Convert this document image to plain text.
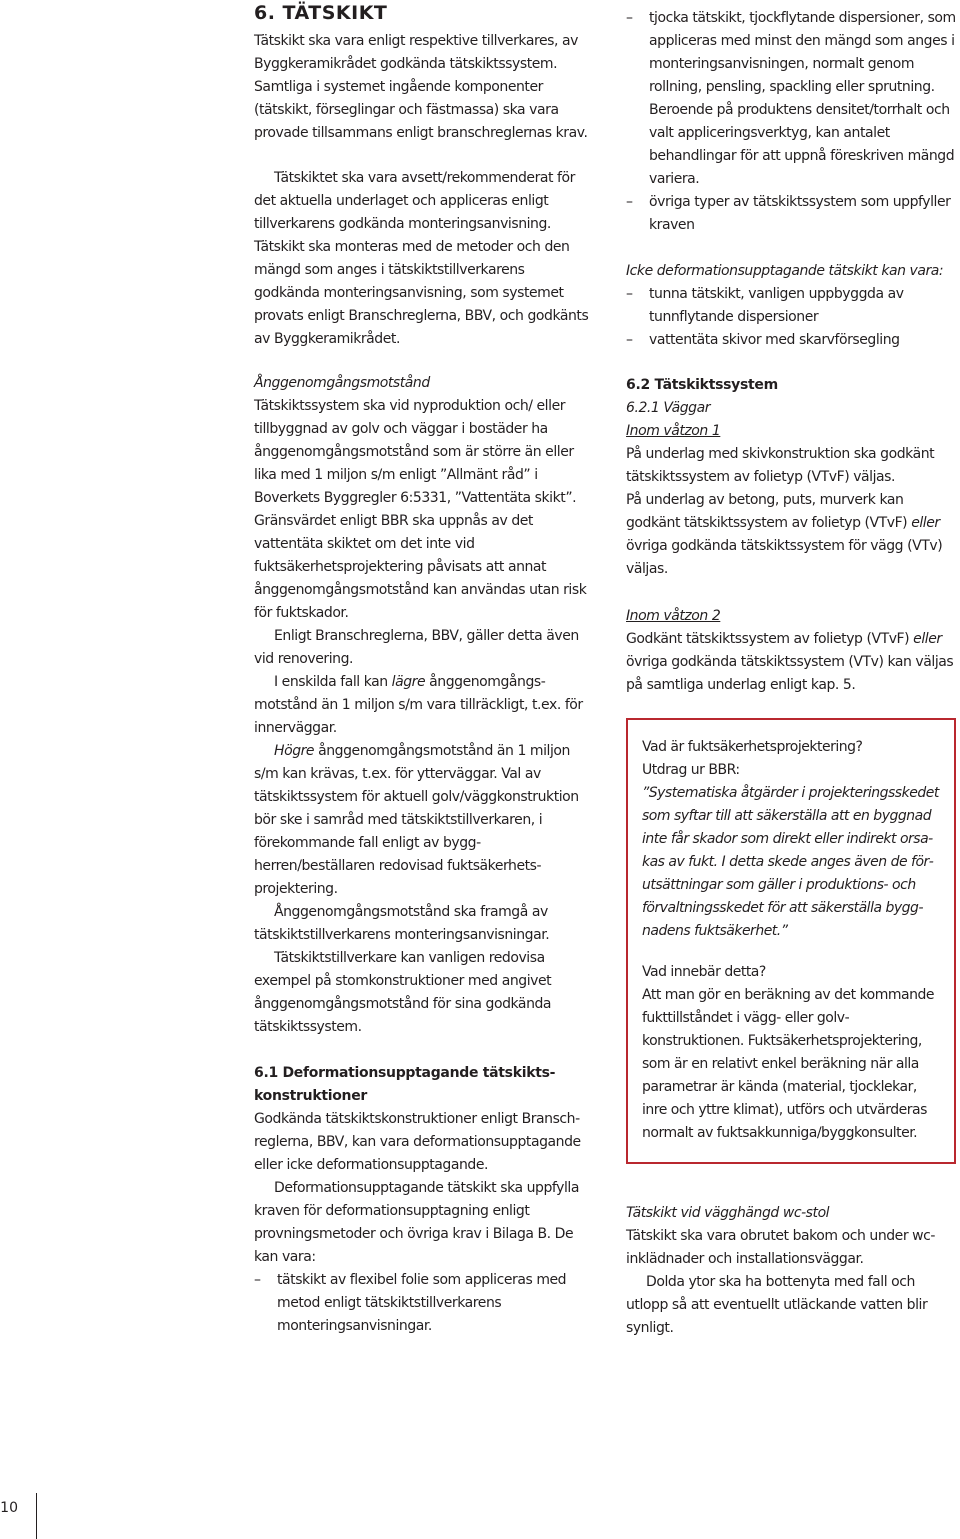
6. TÄTSKIKT

Tätskikt ska vara enligt respektive tillverkares, av Byggkeramikrådet godkända tätskiktssystem. Samtliga i systemet ingående komponenter (tätskikt, förseglingar och fästmassa) ska vara provade tillsammans enligt branschreglernas krav.

Tätskiktet ska vara avsett/rekommenderat för det aktuella underlaget och appliceras enligt tillverkarens godkända monteringsanvisning. Tätskikt ska monteras med de metoder och den mängd som anges i tätskiktstillverkarens godkända monteringsanvisning, som systemet provats enligt Branschreglerna, BBV, och godkänts av Byggkeramikrådet.

Ånggenomgångsmotstånd

Tätskiktssystem ska vid nyproduktion och/ eller tillbyggnad av golv och väggar i bostäder ha ånggenomgångsmotstånd som är större än eller lika med 1 miljon s/m enligt ”Allmänt råd” i Boverkets Byggregler 6:5331, ”Vattentäta skikt”. Gränsvärdet enligt BBR ska uppnås av det vattentäta skiktet om det inte vid fuktsäkerhetsprojektering påvisats att annat ånggenomgångsmotstånd kan användas utan risk för fuktskador.

Enligt Branschreglerna, BBV, gäller detta även vid renovering.

I enskilda fall kan lägre ånggenomgångsmotstånd än 1 miljon s/m vara tillräckligt, t.ex. för innerväggar.

Högre ånggenomgångsmotstånd än 1 miljon s/m kan krävas, t.ex. för ytterväggar. Val av tätskiktssystem för aktuell golv/väggkonstruktion bör ske i samråd med tätskiktstillverkaren, i förekommande fall enligt av byggherren/beställaren redovisad fuktsäkerhetsprojektering.

Ånggenomgångsmotstånd ska framgå av tätskiktstillverkarens monteringsanvisningar.

Tätskiktstillverkare kan vanligen redovisa exempel på stomkonstruktioner med angivet ånggenomgångsmotstånd för sina godkända tätskiktssystem.

6.1 Deformationsupptagande tätskiktskonstruktioner

Godkända tätskiktskonstruktioner enligt Branschreglerna, BBV, kan vara deformationsupptagande eller icke deformationsupptagande.

Deformationsupptagande tätskikt ska uppfylla kraven för deformationsupptagning enligt provningsmetoder och övriga krav i Bilaga B. De kan vara:

– tätskikt av flexibel folie som appliceras med metod enligt tätskiktstillverkarens monteringsanvisningar.
– tjocka tätskikt, tjockflytande dispersioner, som appliceras med minst den mängd som anges i monteringsanvisningen, normalt genom rollning, pensling, spackling eller sprutning. Beroende på produktens densitet/torrhalt och valt appliceringsverktyg, kan antalet behandlingar för att uppnå föreskriven mängd variera.
– övriga typer av tätskiktssystem som uppfyller kraven

Icke deformationsupptagande tätskikt kan vara:

– tunna tätskikt, vanligen uppbyggda av tunnflytande dispersioner
– vattentäta skivor med skarvförsegling
6.2 Tätskiktssystem

6.2.1 Väggar

Inom våtzon 1

På underlag med skivkonstruktion ska godkänt tätskiktssystem av folietyp (VTvF) väljas.

På underlag av betong, puts, murverk kan godkänt tätskiktssystem av folietyp (VTvF) eller övriga godkända tätskiktssystem för vägg (VTv) väljas.

Inom våtzon 2

Godkänt tätskiktssystem av folietyp (VTvF) eller övriga godkända tätskiktssystem (VTv) kan väljas på samtliga underlag enligt kap. 5.

Tätskikt vid vägghängd wc-stol

Tätskikt ska vara obrutet bakom och under wc-inklädnader och installationsväggar.

Dolda ytor ska ha bottenyta med fall och utlopp så att eventuellt utläckande vatten blir synligt.

Vad är fuktsäkerhetsprojektering?

Utdrag ur BBR:

”Systematiska åtgärder i projekteringsskedet som syftar till att säkerställa att en byggnad inte får skador som direkt eller indirekt orsakas av fukt. I detta skede anges även de förutsättningar som gäller i produktions- och förvaltningsskedet för att säkerställa byggnadens fuktsäkerhet.”

Vad innebär detta?

Att man gör en beräkning av det kommande fukttillståndet i vägg- eller golvkonstruktionen. Fuktsäkerhetsprojektering, som är en relativt enkel beräkning när alla parametrar är kända (material, tjocklekar, inre och yttre klimat), utförs och utvärderas normalt av fuktsakkunniga/byggkonsulter.

10
